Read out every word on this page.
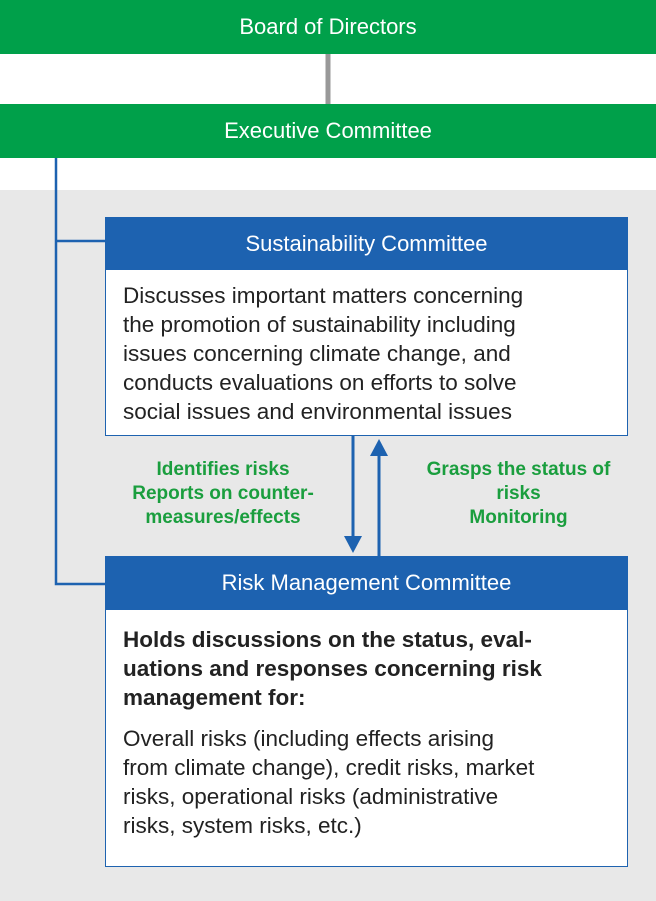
Board of Directors
Executive Committee
Sustainability Committee
Discusses important matters concerning
the promotion of sustainability including
issues concerning climate change, and
conducts evaluations on efforts to solve
social issues and environmental issues
Identifies risks
Reports on counter-
measures/effects
Grasps the status of
risks
Monitoring
Risk Management Committee
Holds discussions on the status, eval-
uations and responses concerning risk
management for:
Overall risks (including effects arising
from climate change), credit risks, market
risks, operational risks (administrative
risks, system risks, etc.)
